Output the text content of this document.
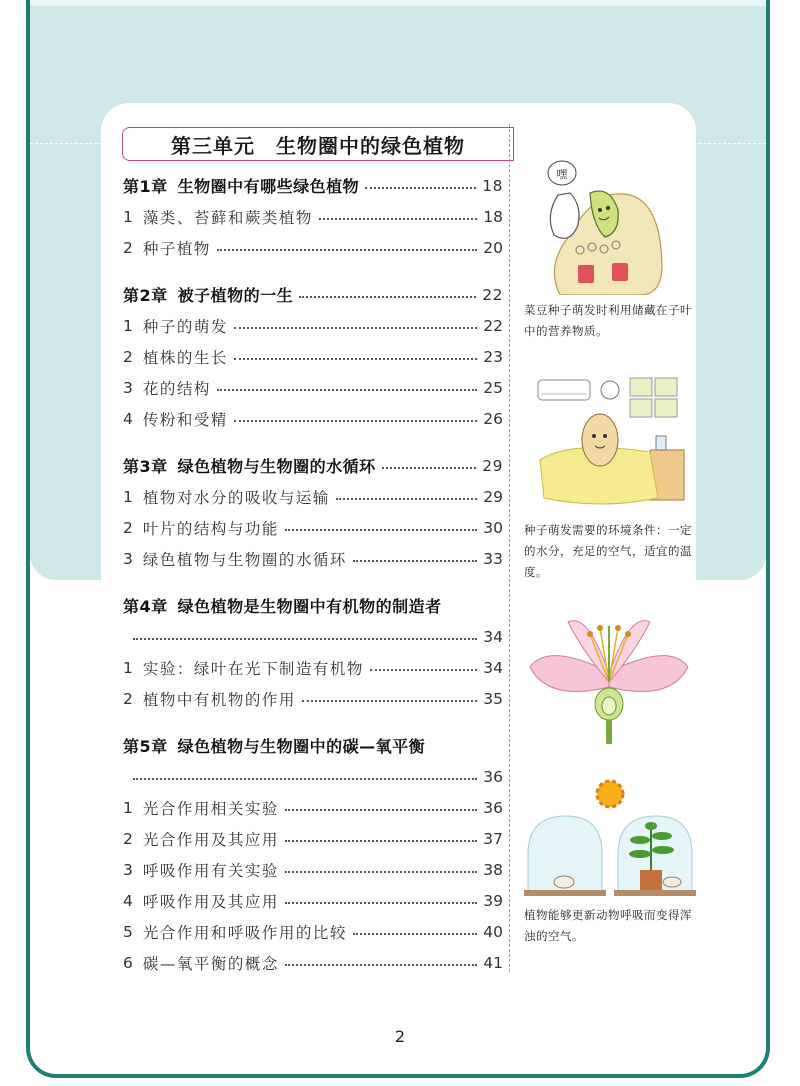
第三单元　生物圈中的绿色植物
第1章 生物圈中有哪些绿色植物	18
1 藻类、苔藓和蕨类植物	18
2 种子植物	20
第2章 被子植物的一生	22
1 种子的萌发	22
2 植株的生长	23
3 花的结构	25
4 传粉和受精	26
第3章 绿色植物与生物圈的水循环	29
1 植物对水分的吸收与运输	29
2 叶片的结构与功能	30
3 绿色植物与生物圈的水循环	33
第4章 绿色植物是生物圈中有机物的制造者
34
1 实验：绿叶在光下制造有机物	34
2 植物中有机物的作用	35
第5章 绿色植物与生物圈中的碳—氧平衡
36
1 光合作用相关实验	36
2 光合作用及其应用	37
3 呼吸作用有关实验	38
4 呼吸作用及其应用	39
5 光合作用和呼吸作用的比较	40
6 碳—氧平衡的概念	41
嘿
菜豆种子萌发时利用储藏在子叶中的营养物质。
种子萌发需要的环境条件：一定的水分，充足的空气，适宜的温度。
植物能够更新动物呼吸而变得浑浊的空气。
2
